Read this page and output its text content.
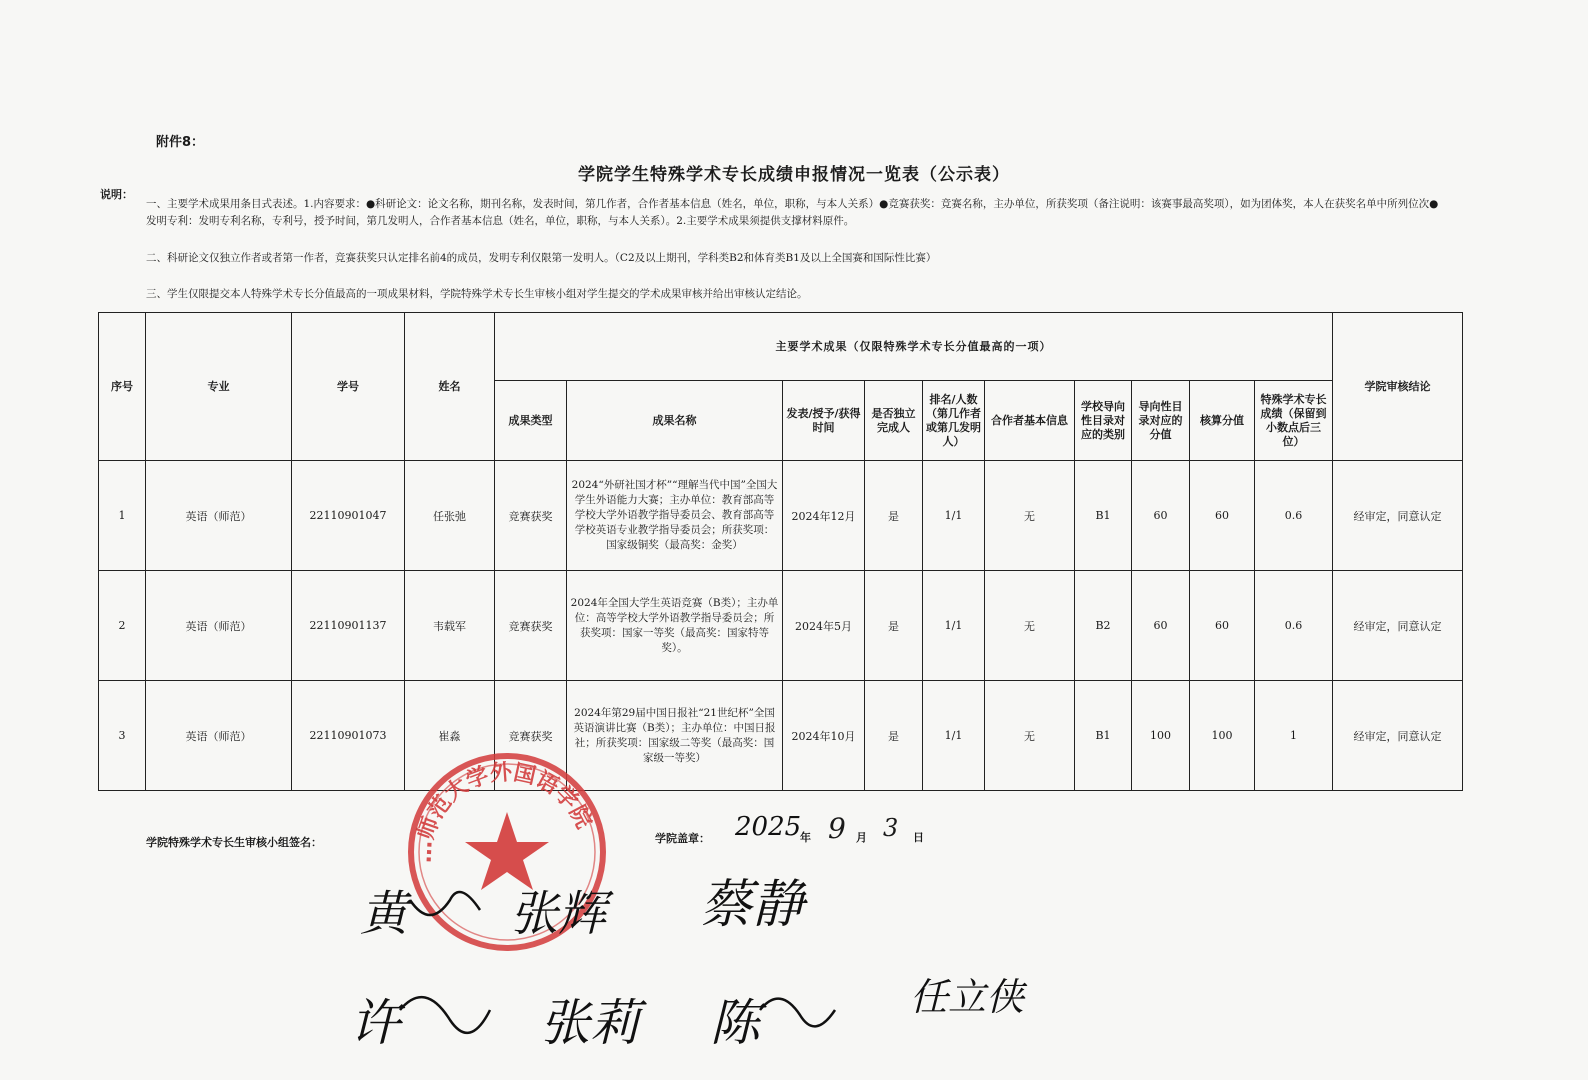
附件8：
学院学生特殊学术专长成绩申报情况一览表（公示表）
说明：
一、主要学术成果用条目式表述。1.内容要求：●科研论文：论文名称，期刊名称，发表时间，第几作者，合作者基本信息（姓名，单位，职称，与本人关系）●竞赛获奖：竞赛名称，主办单位，所获奖项（备注说明：该赛事最高奖项），如为团体奖，本人在获奖名单中所列位次●发明专利：发明专利名称，专利号，授予时间，第几发明人，合作者基本信息（姓名，单位，职称，与本人关系）。2.主要学术成果须提供支撑材料原件。
二、科研论文仅独立作者或者第一作者，竞赛获奖只认定排名前4的成员，发明专利仅限第一发明人。（C2及以上期刊，学科类B2和体育类B1及以上全国赛和国际性比赛）
三、学生仅限提交本人特殊学术专长分值最高的一项成果材料，学院特殊学术专长生审核小组对学生提交的学术成果审核并给出审核认定结论。
序号	专业	学号	姓名	主要学术成果（仅限特殊学术专长分值最高的一项）										学院审核结论
				成果类型	成果名称	发表/授予/获得时间	是否独立完成人	排名/人数（第几作者或第几发明人）	合作者基本信息	学校导向性目录对应的类别	导向性目录对应的分值	核算分值	特殊学术专长成绩（保留到小数点后三位）	
1	英语（师范）	22110901047	任张弛	竞赛获奖	2024“外研社国才杯”“理解当代中国”全国大学生外语能力大赛；主办单位：教育部高等学校大学外语教学指导委员会、教育部高等学校英语专业教学指导委员会；所获奖项：国家级铜奖（最高奖：金奖）	2024年12月	是	1/1	无	B1	60	60	0.6	经审定，同意认定
2	英语（师范）	22110901137	韦载军	竞赛获奖	2024年全国大学生英语竞赛（B类）；主办单位：高等学校大学外语教学指导委员会；所获奖项：国家一等奖（最高奖：国家特等奖）。	2024年5月	是	1/1	无	B2	60	60	0.6	经审定，同意认定
3	英语（师范）	22110901073	崔淼	竞赛获奖	2024年第29届中国日报社“21世纪杯”全国英语演讲比赛（B类）；主办单位：中国日报社；所获奖项：国家级二等奖（最高奖：国家级一等奖）	2024年10月	是	1/1	无	B1	100	100	1	经审定，同意认定
学院特殊学术专长生审核小组签名：	学院盖章： 2025
年 9 月 3 日
…师范大学外国语学院
黄 张辉 蔡静
许	张莉 陈	任立侠
